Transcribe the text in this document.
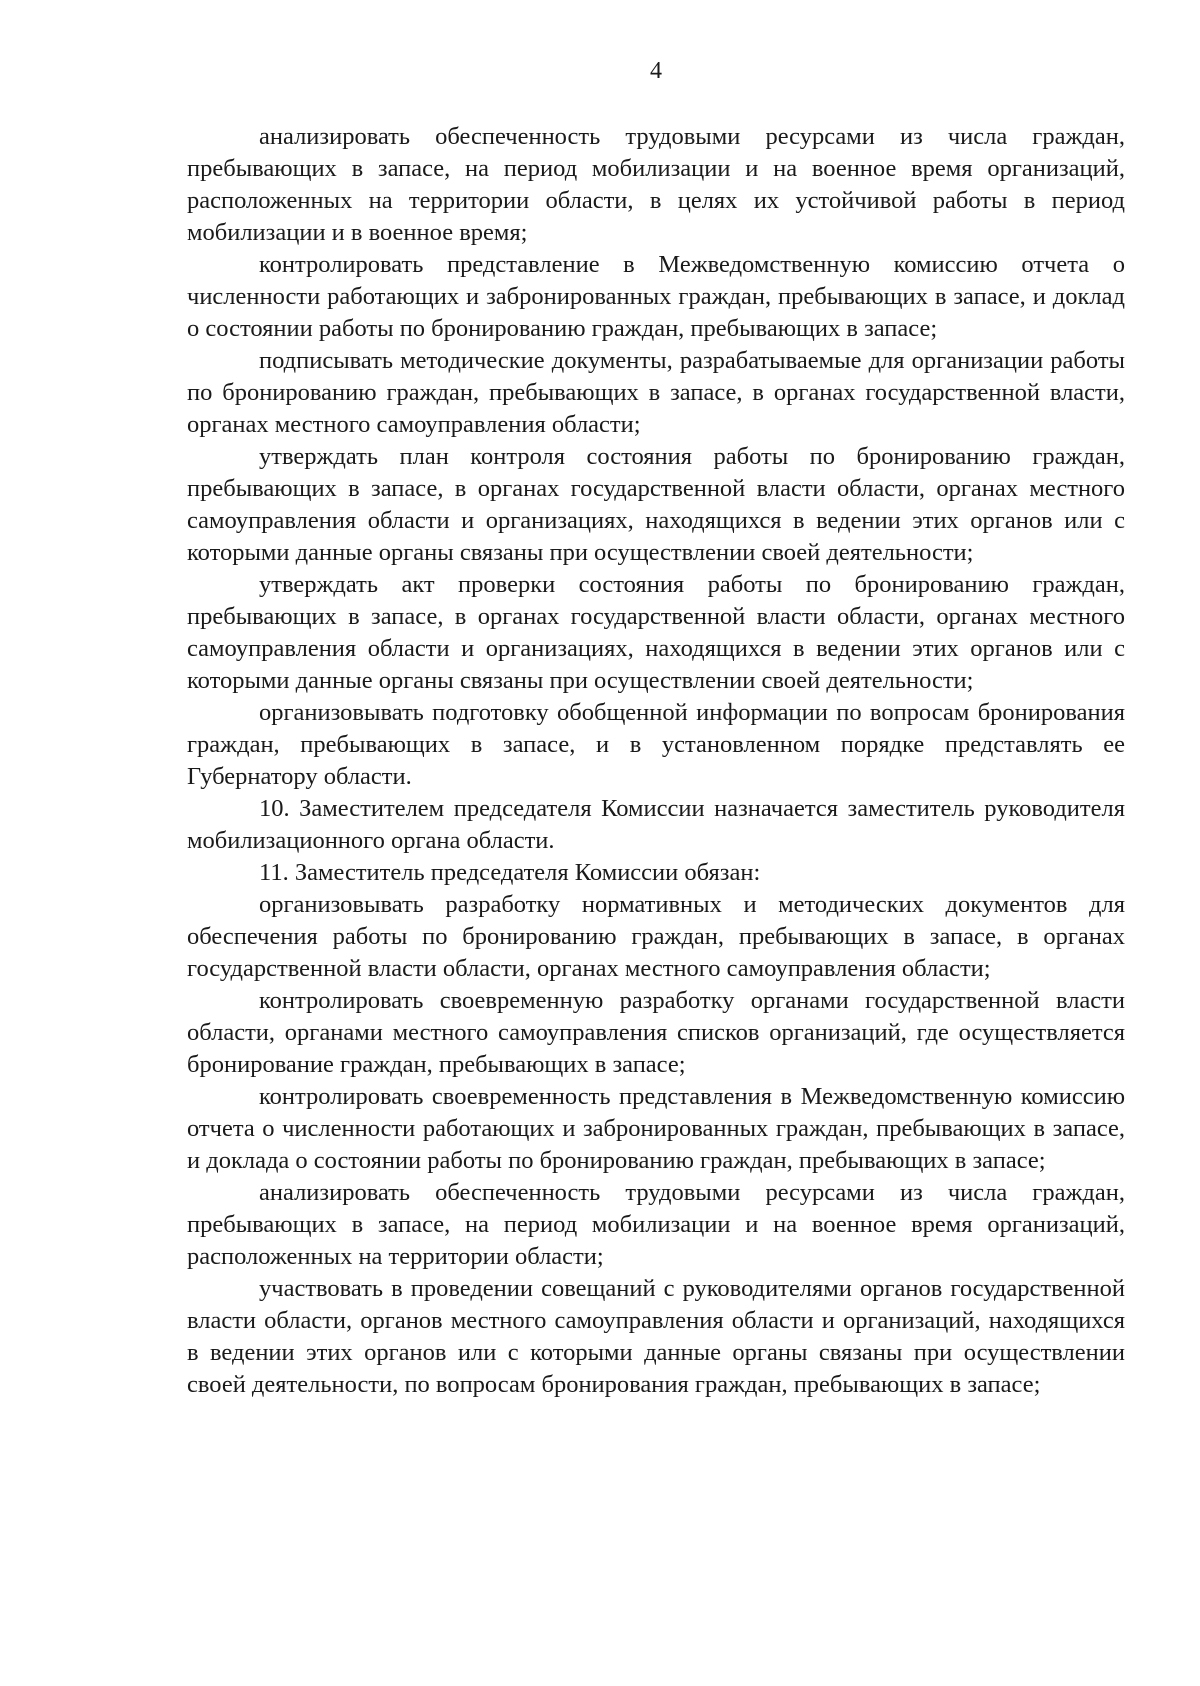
4

анализировать обеспеченность трудовыми ресурсами из числа граждан, пребывающих в запасе, на период мобилизации и на военное время организаций, расположенных на территории области, в целях их устойчивой работы в период мобилизации и в военное время;

контролировать представление в Межведомственную комиссию отчета о численности работающих и забронированных граждан, пребывающих в запасе, и доклад о состоянии работы по бронированию граждан, пребывающих в запасе;

подписывать методические документы, разрабатываемые для организации работы по бронированию граждан, пребывающих в запасе, в органах государственной власти, органах местного самоуправления области;

утверждать план контроля состояния работы по бронированию граждан, пребывающих в запасе, в органах государственной власти области, органах местного самоуправления области и организациях, находящихся в ведении этих органов или с которыми данные органы связаны при осуществлении своей деятельности;

утверждать акт проверки состояния работы по бронированию граждан, пребывающих в запасе, в органах государственной власти области, органах местного самоуправления области и организациях, находящихся в ведении этих органов или с которыми данные органы связаны при осуществлении своей деятельности;

организовывать подготовку обобщенной информации по вопросам бронирования граждан, пребывающих в запасе, и в установленном порядке представлять ее Губернатору области.

10. Заместителем председателя Комиссии назначается заместитель руководителя мобилизационного органа области.

11. Заместитель председателя Комиссии обязан:

организовывать разработку нормативных и методических документов для обеспечения работы по бронированию граждан, пребывающих в запасе, в органах государственной власти области, органах местного самоуправления области;

контролировать своевременную разработку органами государственной власти области, органами местного самоуправления списков организаций, где осуществляется бронирование граждан, пребывающих в запасе;

контролировать своевременность представления в Межведомственную комиссию отчета о численности работающих и забронированных граждан, пребывающих в запасе, и доклада о состоянии работы по бронированию граждан, пребывающих в запасе;

анализировать обеспеченность трудовыми ресурсами из числа граждан, пребывающих в запасе, на период мобилизации и на военное время организаций, расположенных на территории области;

участвовать в проведении совещаний с руководителями органов государственной власти области, органов местного самоуправления области и организаций, находящихся в ведении этих органов или с которыми данные органы связаны при осуществлении своей деятельности, по вопросам бронирования граждан, пребывающих в запасе;
